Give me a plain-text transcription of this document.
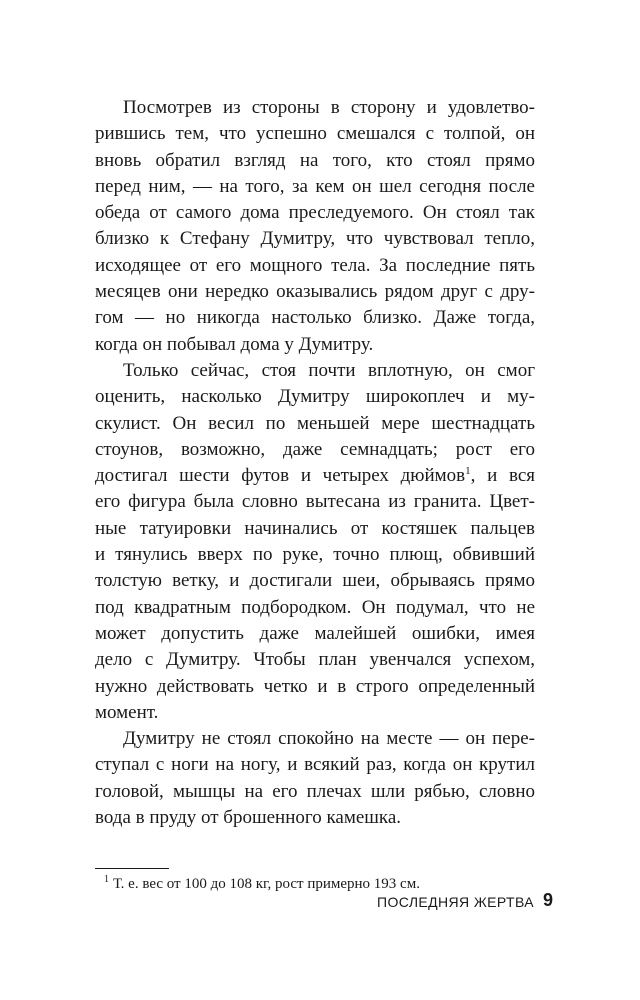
Посмотрев из стороны в сторону и удовлетво-
рившись тем, что успешно смешался с толпой, он
вновь обратил взгляд на того, кто стоял прямо
перед ним, — на того, за кем он шел сегодня после
обеда от самого дома преследуемого. Он стоял так
близко к Стефану Думитру, что чувствовал тепло,
исходящее от его мощного тела. За последние пять
месяцев они нередко оказывались рядом друг с дру-
гом — но никогда настолько близко. Даже тогда,
когда он побывал дома у Думитру.

Только сейчас, стоя почти вплотную, он смог
оценить, насколько Думитру широкоплеч и му-
скулист. Он весил по меньшей мере шестнадцать
стоунов, возможно, даже семнадцать; рост его
достигал шести футов и четырех дюймов$^1$, и вся
его фигура была словно вытесана из гранита. Цвет-
ные татуировки начинались от костяшек пальцев
и тянулись вверх по руке, точно плющ, обвивший
толстую ветку, и достигали шеи, обрываясь прямо
под квадратным подбородком. Он подумал, что не
может допустить даже малейшей ошибки, имея
дело с Думитру. Чтобы план увенчался успехом,
нужно действовать четко и в строго определенный
момент.

Думитру не стоял спокойно на месте — он пере-
ступал с ноги на ногу, и всякий раз, когда он крутил
головой, мышцы на его плечах шли рябью, словно
вода в пруду от брошенного камешка.

$^1$ Т. е. вес от 100 до 108 кг, рост примерно 193 см.
ПОСЛЕДНЯЯ ЖЕРТВА 9
